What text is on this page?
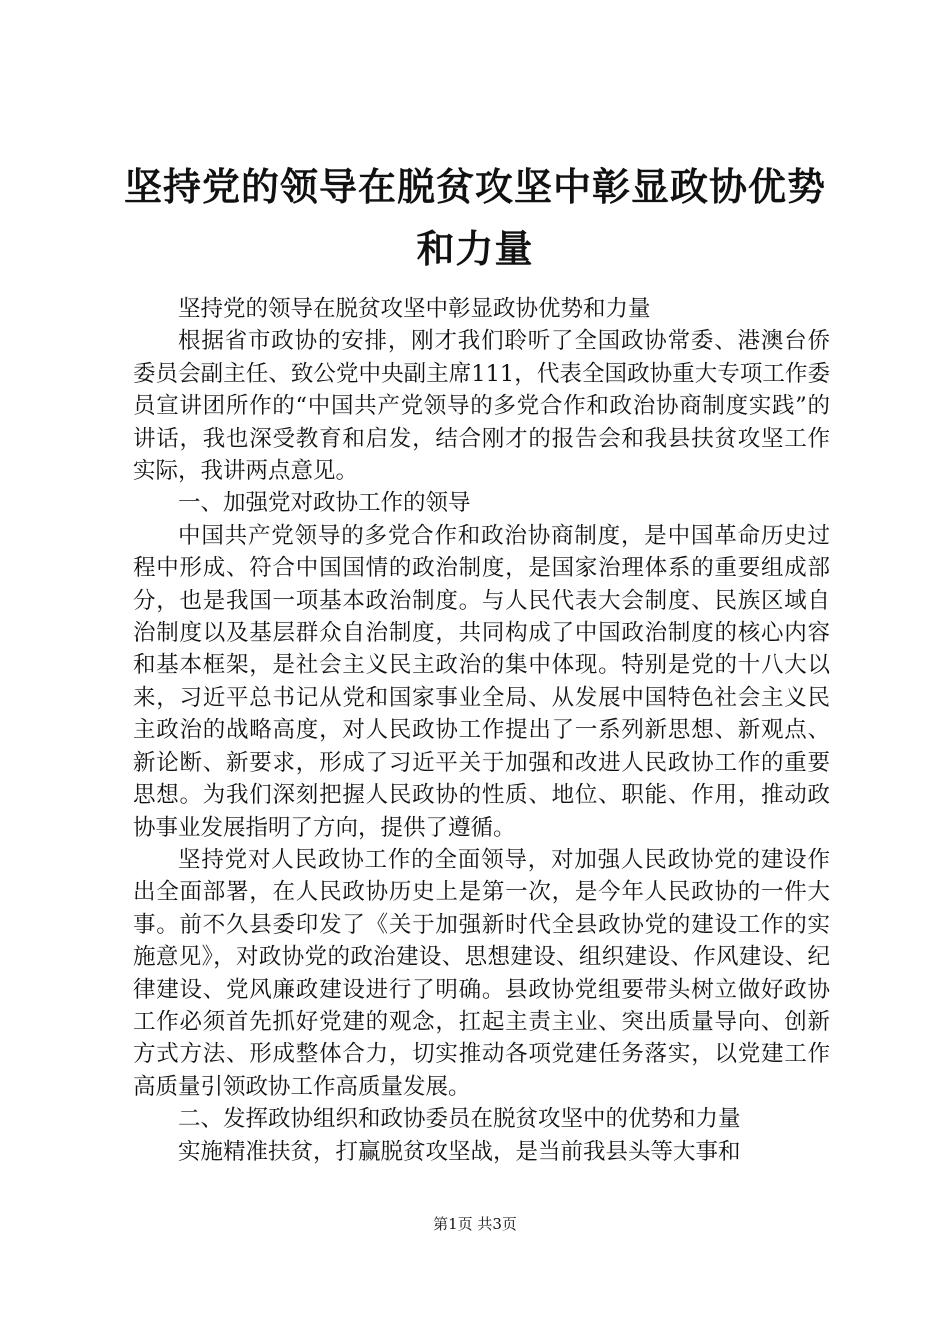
坚持党的领导在脱贫攻坚中彰显政协优势和力量

坚持党的领导在脱贫攻坚中彰显政协优势和力量

根据省市政协的安排，刚才我们聆听了全国政协常委、港澳台侨委员会副主任、致公党中央副主席111，代表全国政协重大专项工作委员宣讲团所作的“中国共产党领导的多党合作和政治协商制度实践”的讲话，我也深受教育和启发，结合刚才的报告会和我县扶贫攻坚工作实际，我讲两点意见。

一、加强党对政协工作的领导

中国共产党领导的多党合作和政治协商制度，是中国革命历史过程中形成、符合中国国情的政治制度，是国家治理体系的重要组成部分，也是我国一项基本政治制度。与人民代表大会制度、民族区域自治制度以及基层群众自治制度，共同构成了中国政治制度的核心内容和基本框架，是社会主义民主政治的集中体现。特别是党的十八大以来，习近平总书记从党和国家事业全局、从发展中国特色社会主义民主政治的战略高度，对人民政协工作提出了一系列新思想、新观点、新论断、新要求，形成了习近平关于加强和改进人民政协工作的重要思想。为我们深刻把握人民政协的性质、地位、职能、作用，推动政协事业发展指明了方向，提供了遵循。

坚持党对人民政协工作的全面领导，对加强人民政协党的建设作出全面部署，在人民政协历史上是第一次，是今年人民政协的一件大事。前不久县委印发了《关于加强新时代全县政协党的建设工作的实施意见》，对政协党的政治建设、思想建设、组织建设、作风建设、纪律建设、党风廉政建设进行了明确。县政协党组要带头树立做好政协工作必须首先抓好党建的观念，扛起主责主业、突出质量导向、创新方式方法、形成整体合力，切实推动各项党建任务落实，以党建工作高质量引领政协工作高质量发展。

二、发挥政协组织和政协委员在脱贫攻坚中的优势和力量

实施精准扶贫，打赢脱贫攻坚战，是当前我县头等大事和

第1页 共3页
